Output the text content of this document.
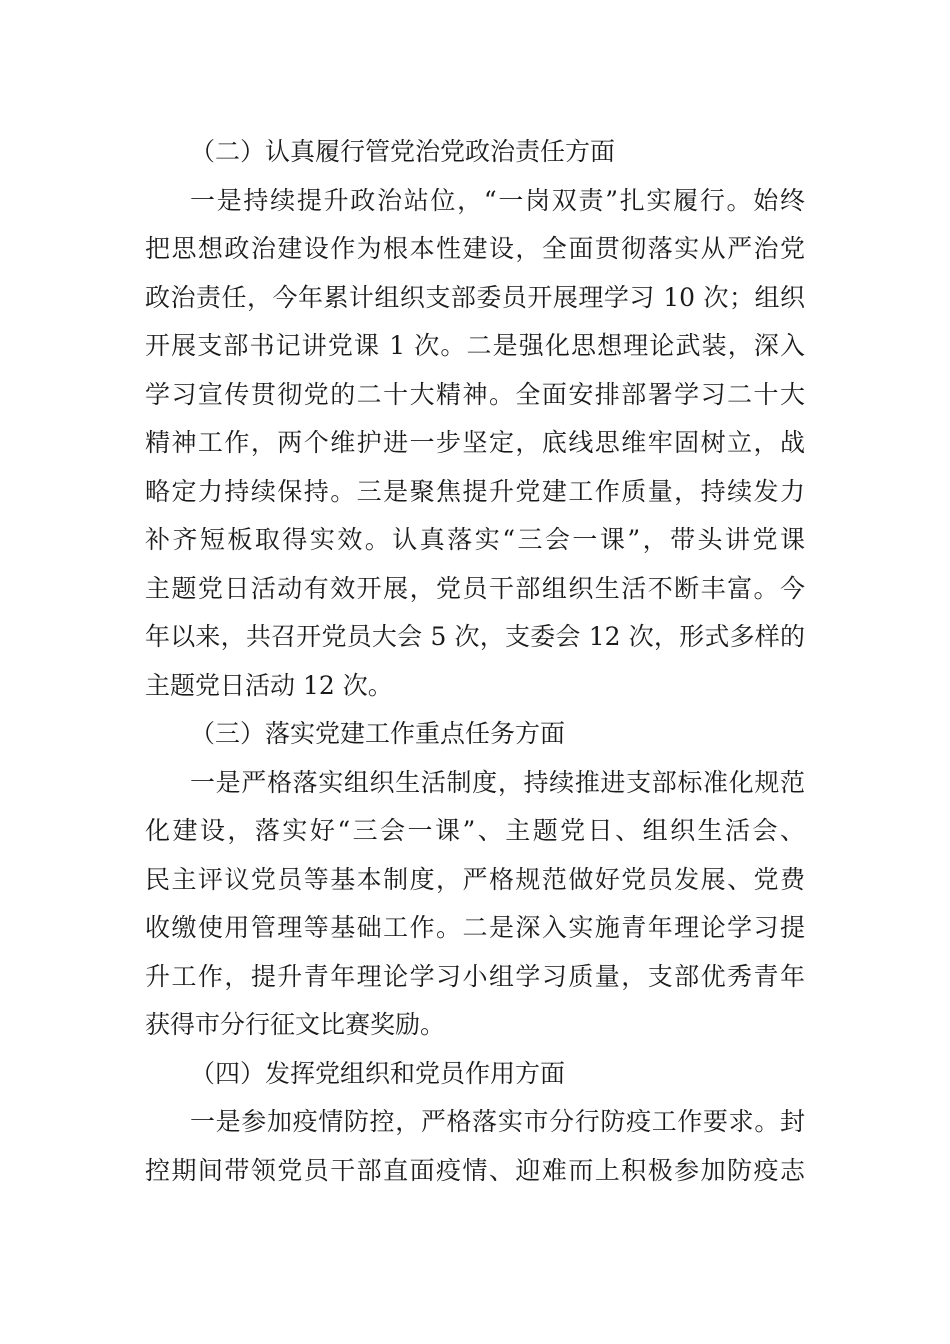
（二）认真履行管党治党政治责任方面
一是持续提升政治站位，“一岗双责”扎实履行。始终
把思想政治建设作为根本性建设，全面贯彻落实从严治党
政治责任，今年累计组织支部委员开展理学习 10 次；组织
开展支部书记讲党课 1 次。二是强化思想理论武装，深入
学习宣传贯彻党的二十大精神。全面安排部署学习二十大
精神工作，两个维护进一步坚定，底线思维牢固树立，战
略定力持续保持。三是聚焦提升党建工作质量，持续发力
补齐短板取得实效。认真落实“三会一课”，带头讲党课
主题党日活动有效开展，党员干部组织生活不断丰富。今
年以来，共召开党员大会 5 次，支委会 12 次，形式多样的
主题党日活动 12 次。
（三）落实党建工作重点任务方面
一是严格落实组织生活制度，持续推进支部标准化规范
化建设，落实好“三会一课”、主题党日、组织生活会、
民主评议党员等基本制度，严格规范做好党员发展、党费
收缴使用管理等基础工作。二是深入实施青年理论学习提
升工作，提升青年理论学习小组学习质量，支部优秀青年
获得市分行征文比赛奖励。
（四）发挥党组织和党员作用方面
一是参加疫情防控，严格落实市分行防疫工作要求。封
控期间带领党员干部直面疫情、迎难而上积极参加防疫志
